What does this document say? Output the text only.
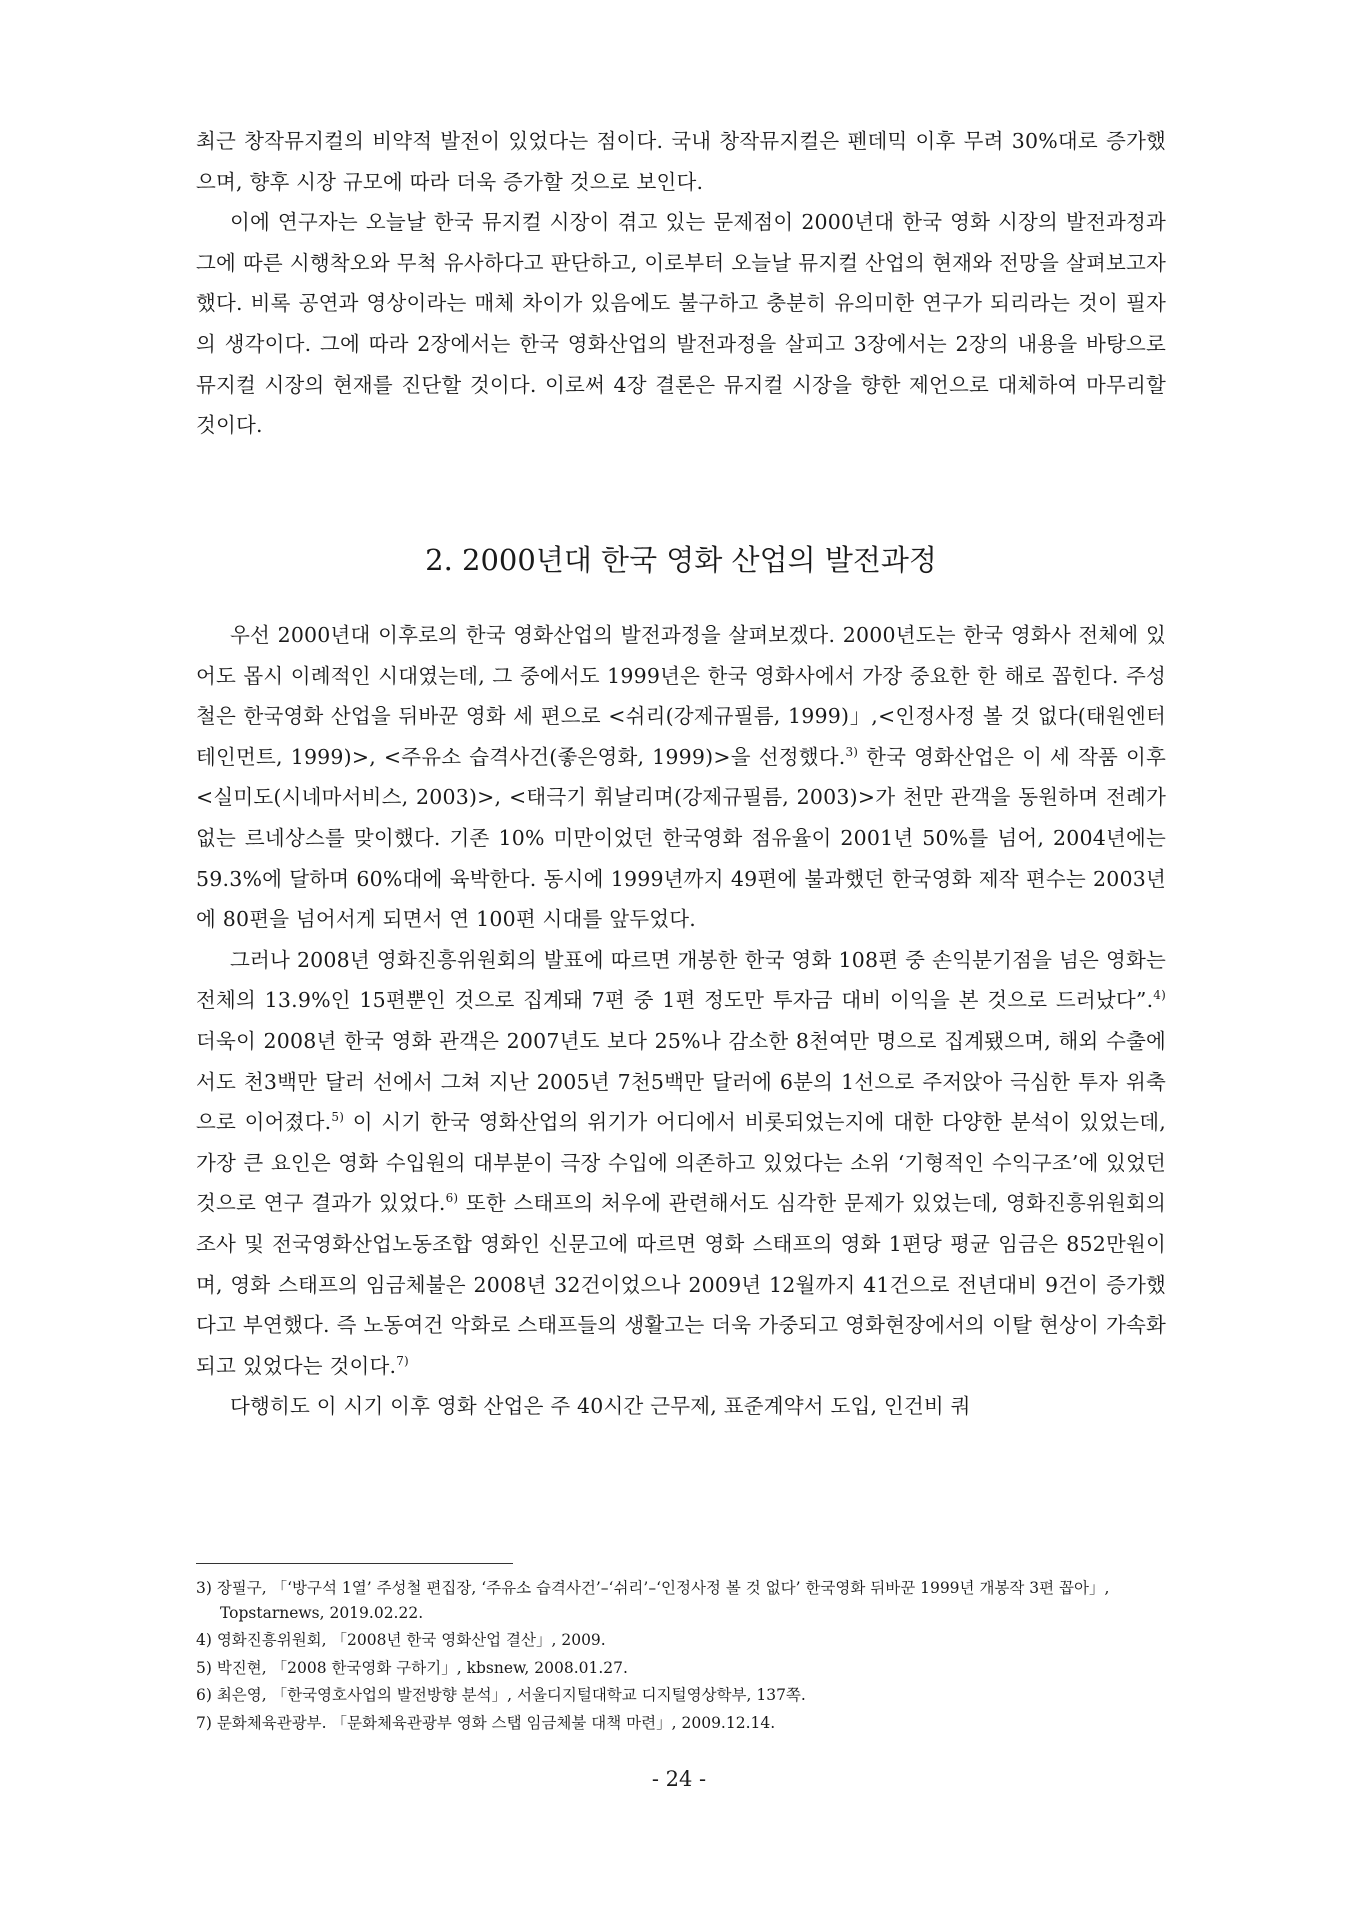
최근 창작뮤지컬의 비약적 발전이 있었다는 점이다. 국내 창작뮤지컬은 펜데믹 이후 무려 30%대로 증가했으며, 향후 시장 규모에 따라 더욱 증가할 것으로 보인다.

이에 연구자는 오늘날 한국 뮤지컬 시장이 겪고 있는 문제점이 2000년대 한국 영화 시장의 발전과정과 그에 따른 시행착오와 무척 유사하다고 판단하고, 이로부터 오늘날 뮤지컬 산업의 현재와 전망을 살펴보고자 했다. 비록 공연과 영상이라는 매체 차이가 있음에도 불구하고 충분히 유의미한 연구가 되리라는 것이 필자의 생각이다. 그에 따라 2장에서는 한국 영화산업의 발전과정을 살피고 3장에서는 2장의 내용을 바탕으로 뮤지컬 시장의 현재를 진단할 것이다. 이로써 4장 결론은 뮤지컬 시장을 향한 제언으로 대체하여 마무리할 것이다.

2. 2000년대 한국 영화 산업의 발전과정

우선 2000년대 이후로의 한국 영화산업의 발전과정을 살펴보겠다. 2000년도는 한국 영화사 전체에 있어도 몹시 이례적인 시대였는데, 그 중에서도 1999년은 한국 영화사에서 가장 중요한 한 해로 꼽힌다. 주성철은 한국영화 산업을 뒤바꾼 영화 세 편으로 <쉬리(강제규필름, 1999)」,<인정사정 볼 것 없다(태원엔터테인먼트, 1999)>, <주유소 습격사건(좋은영화, 1999)>을 선정했다.$^{3)}$ 한국 영화산업은 이 세 작품 이후 <실미도(시네마서비스, 2003)>, <태극기 휘날리며(강제규필름, 2003)>가 천만 관객을 동원하며 전례가 없는 르네상스를 맞이했다. 기존 10% 미만이었던 한국영화 점유율이 2001년 50%를 넘어, 2004년에는 59.3%에 달하며 60%대에 육박한다. 동시에 1999년까지 49편에 불과했던 한국영화 제작 편수는 2003년에 80편을 넘어서게 되면서 연 100편 시대를 앞두었다.

그러나 2008년 영화진흥위원회의 발표에 따르면 개봉한 한국 영화 108편 중 손익분기점을 넘은 영화는 전체의 13.9%인 15편뿐인 것으로 집계돼 7편 중 1편 정도만 투자금 대비 이익을 본 것으로 드러났다”.$^{4)}$ 더욱이 2008년 한국 영화 관객은 2007년도 보다 25%나 감소한 8천여만 명으로 집계됐으며, 해외 수출에서도 천3백만 달러 선에서 그쳐 지난 2005년 7천5백만 달러에 6분의 1선으로 주저앉아 극심한 투자 위축으로 이어졌다.$^{5)}$ 이 시기 한국 영화산업의 위기가 어디에서 비롯되었는지에 대한 다양한 분석이 있었는데, 가장 큰 요인은 영화 수입원의 대부분이 극장 수입에 의존하고 있었다는 소위 ‘기형적인 수익구조’에 있었던 것으로 연구 결과가 있었다.$^{6)}$ 또한 스태프의 처우에 관련해서도 심각한 문제가 있었는데, 영화진흥위원회의 조사 및 전국영화산업노동조합 영화인 신문고에 따르면 영화 스태프의 영화 1편당 평균 임금은 852만원이며, 영화 스태프의 임금체불은 2008년 32건이었으나 2009년 12월까지 41건으로 전년대비 9건이 증가했다고 부연했다. 즉 노동여건 악화로 스태프들의 생활고는 더욱 가중되고 영화현장에서의 이탈 현상이 가속화 되고 있었다는 것이다.$^{7)}$

다행히도 이 시기 이후 영화 산업은 주 40시간 근무제, 표준계약서 도입, 인건비 쿼

3) 장필구, 「‘방구석 1열’ 주성철 편집장, ‘주유소 습격사건’–‘쉬리’–‘인정사정 볼 것 없다’ 한국영화 뒤바꾼 1999년 개봉작 3편 꼽아」, Topstarnews, 2019.02.22.
4) 영화진흥위원회, 「2008년 한국 영화산업 결산」, 2009.
5) 박진현, 「2008 한국영화 구하기」, kbsnew, 2008.01.27.
6) 최은영, 「한국영호사업의 발전방향 분석」, 서울디지털대학교 디지털영상학부, 137쪽.
7) 문화체육관광부. 「문화체육관광부 영화 스탭 임금체불 대책 마련」, 2009.12.14.
- 24 -
